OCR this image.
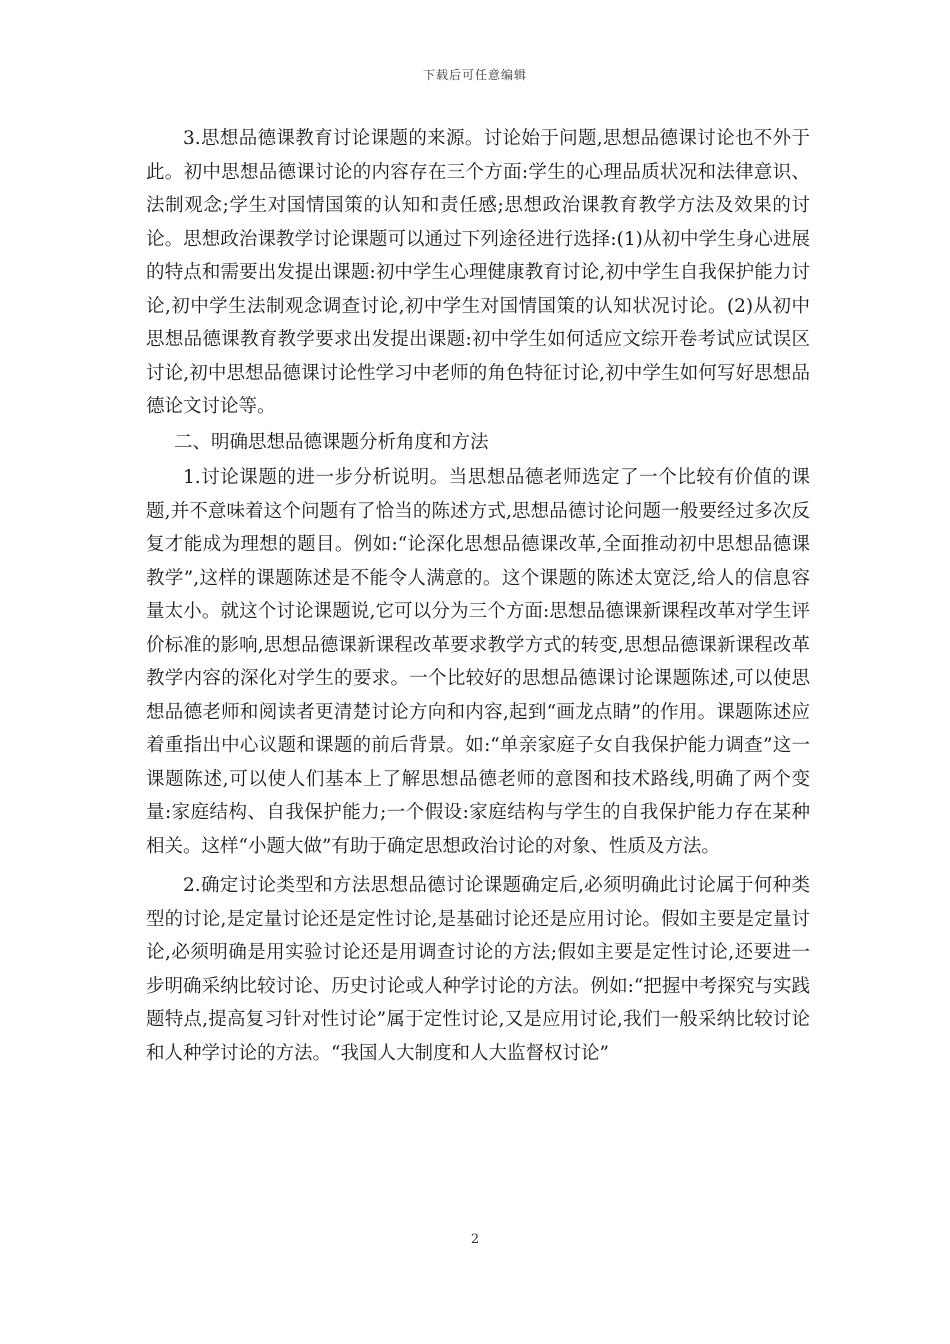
下载后可任意编辑

3.思想品德课教育讨论课题的来源。讨论始于问题,思想品德课讨论也不外于此。初中思想品德课讨论的内容存在三个方面:学生的心理品质状况和法律意识、法制观念;学生对国情国策的认知和责任感;思想政治课教育教学方法及效果的讨论。思想政治课教学讨论课题可以通过下列途径进行选择:(1)从初中学生身心进展的特点和需要出发提出课题:初中学生心理健康教育讨论,初中学生自我保护能力讨论,初中学生法制观念调查讨论,初中学生对国情国策的认知状况讨论。(2)从初中思想品德课教育教学要求出发提出课题:初中学生如何适应文综开卷考试应试误区讨论,初中思想品德课讨论性学习中老师的角色特征讨论,初中学生如何写好思想品德论文讨论等。

二、明确思想品德课题分析角度和方法

1.讨论课题的进一步分析说明。当思想品德老师选定了一个比较有价值的课题,并不意味着这个问题有了恰当的陈述方式,思想品德讨论问题一般要经过多次反复才能成为理想的题目。例如:“论深化思想品德课改革,全面推动初中思想品德课教学”,这样的课题陈述是不能令人满意的。这个课题的陈述太宽泛,给人的信息容量太小。就这个讨论课题说,它可以分为三个方面:思想品德课新课程改革对学生评价标准的影响,思想品德课新课程改革要求教学方式的转变,思想品德课新课程改革教学内容的深化对学生的要求。一个比较好的思想品德课讨论课题陈述,可以使思想品德老师和阅读者更清楚讨论方向和内容,起到“画龙点睛”的作用。课题陈述应着重指出中心议题和课题的前后背景。如:“单亲家庭子女自我保护能力调查”这一课题陈述,可以使人们基本上了解思想品德老师的意图和技术路线,明确了两个变量:家庭结构、自我保护能力;一个假设:家庭结构与学生的自我保护能力存在某种相关。这样“小题大做”有助于确定思想政治讨论的对象、性质及方法。

2.确定讨论类型和方法思想品德讨论课题确定后,必须明确此讨论属于何种类型的讨论,是定量讨论还是定性讨论,是基础讨论还是应用讨论。假如主要是定量讨论,必须明确是用实验讨论还是用调查讨论的方法;假如主要是定性讨论,还要进一步明确采纳比较讨论、历史讨论或人种学讨论的方法。例如:“把握中考探究与实践题特点,提高复习针对性讨论”属于定性讨论,又是应用讨论,我们一般采纳比较讨论和人种学讨论的方法。“我国人大制度和人大监督权讨论”

2
